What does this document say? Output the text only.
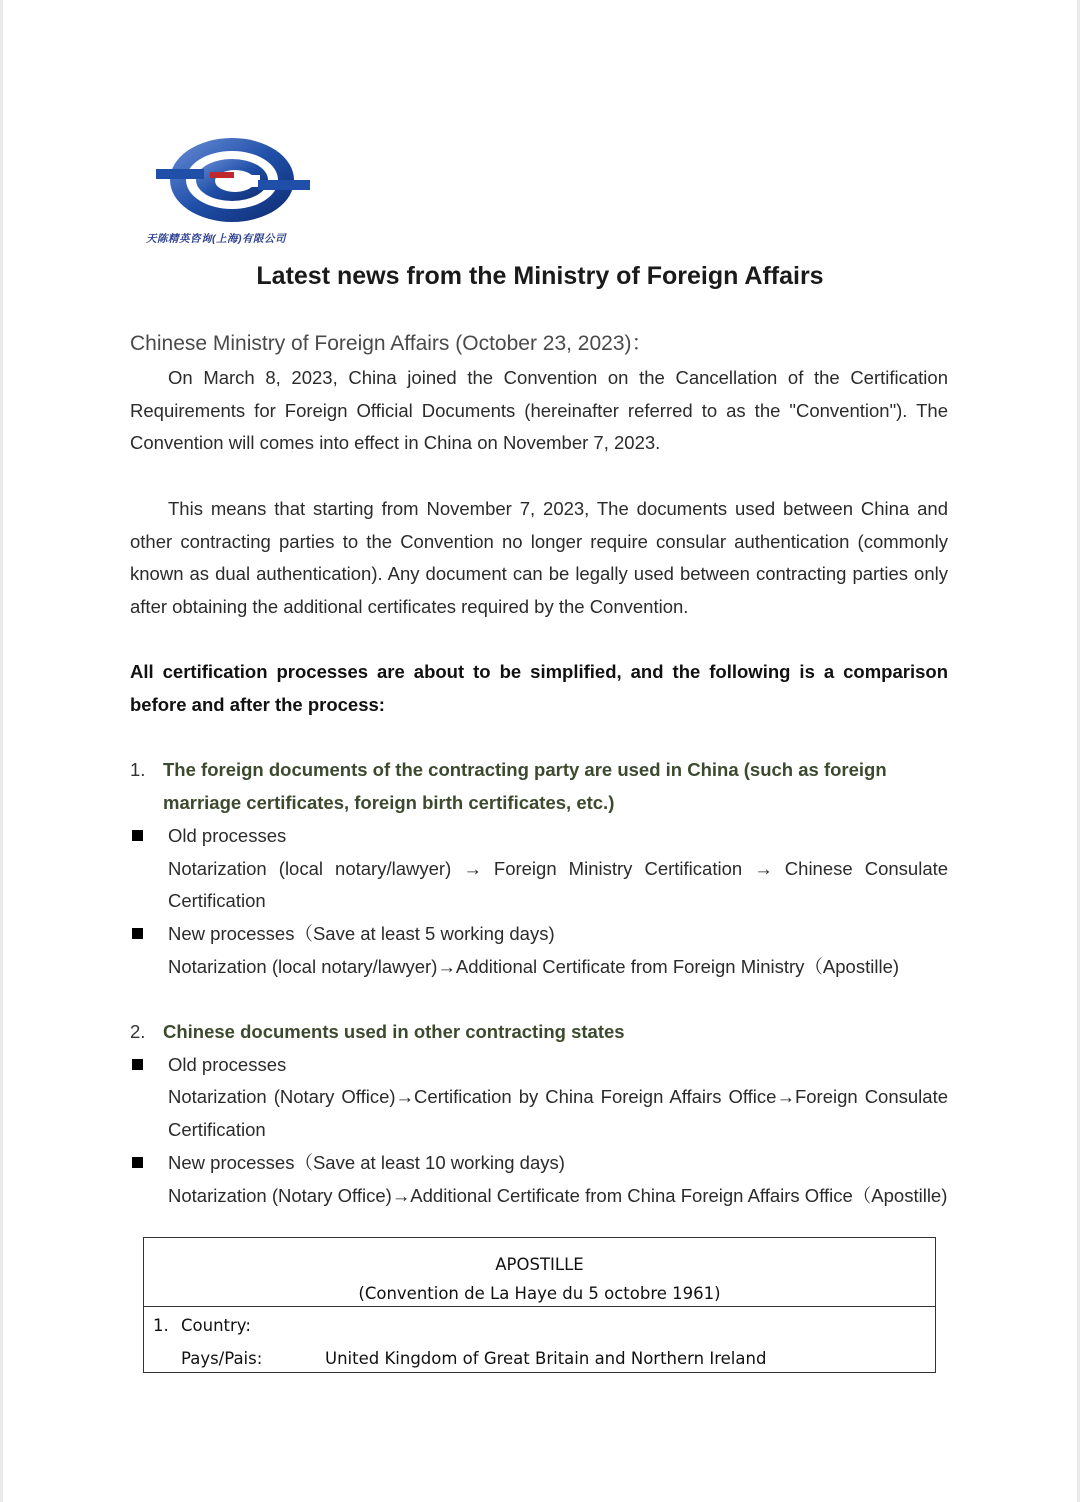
天陈精英咨询(上海)有限公司
Latest news from the Ministry of Foreign Affairs
Chinese Ministry of Foreign Affairs (October 23, 2023)：

On March 8, 2023, China joined the Convention on the Cancellation of the Certification Requirements for Foreign Official Documents (hereinafter referred to as the "Convention"). The Convention will comes into effect in China on November 7, 2023.

This means that starting from November 7, 2023, The documents used between China and other contracting parties to the Convention no longer require consular authentication (commonly known as dual authentication). Any document can be legally used between contracting parties only after obtaining the additional certificates required by the Convention.

All certification processes are about to be simplified, and the following is a comparison before and after the process:

1. The foreign documents of the contracting party are used in China (such as foreign marriage certificates, foreign birth certificates, etc.)
Old processes

Notarization (local notary/lawyer) → Foreign Ministry Certification → Chinese Consulate Certification

New processes（Save at least 5 working days)

Notarization (local notary/lawyer)→Additional Certificate from Foreign Ministry（Apostille)

2. Chinese documents used in other contracting states
Old processes

Notarization (Notary Office)→Certification by China Foreign Affairs Office→Foreign Consulate Certification

New processes（Save at least 10 working days)

Notarization (Notary Office)→Additional Certificate from China Foreign Affairs Office（Apostille)

APOSTILLE
(Convention de La Haye du 5 octobre 1961)
1. Country:
Pays/Pais:	United Kingdom of Great Britain and Northern Ireland
